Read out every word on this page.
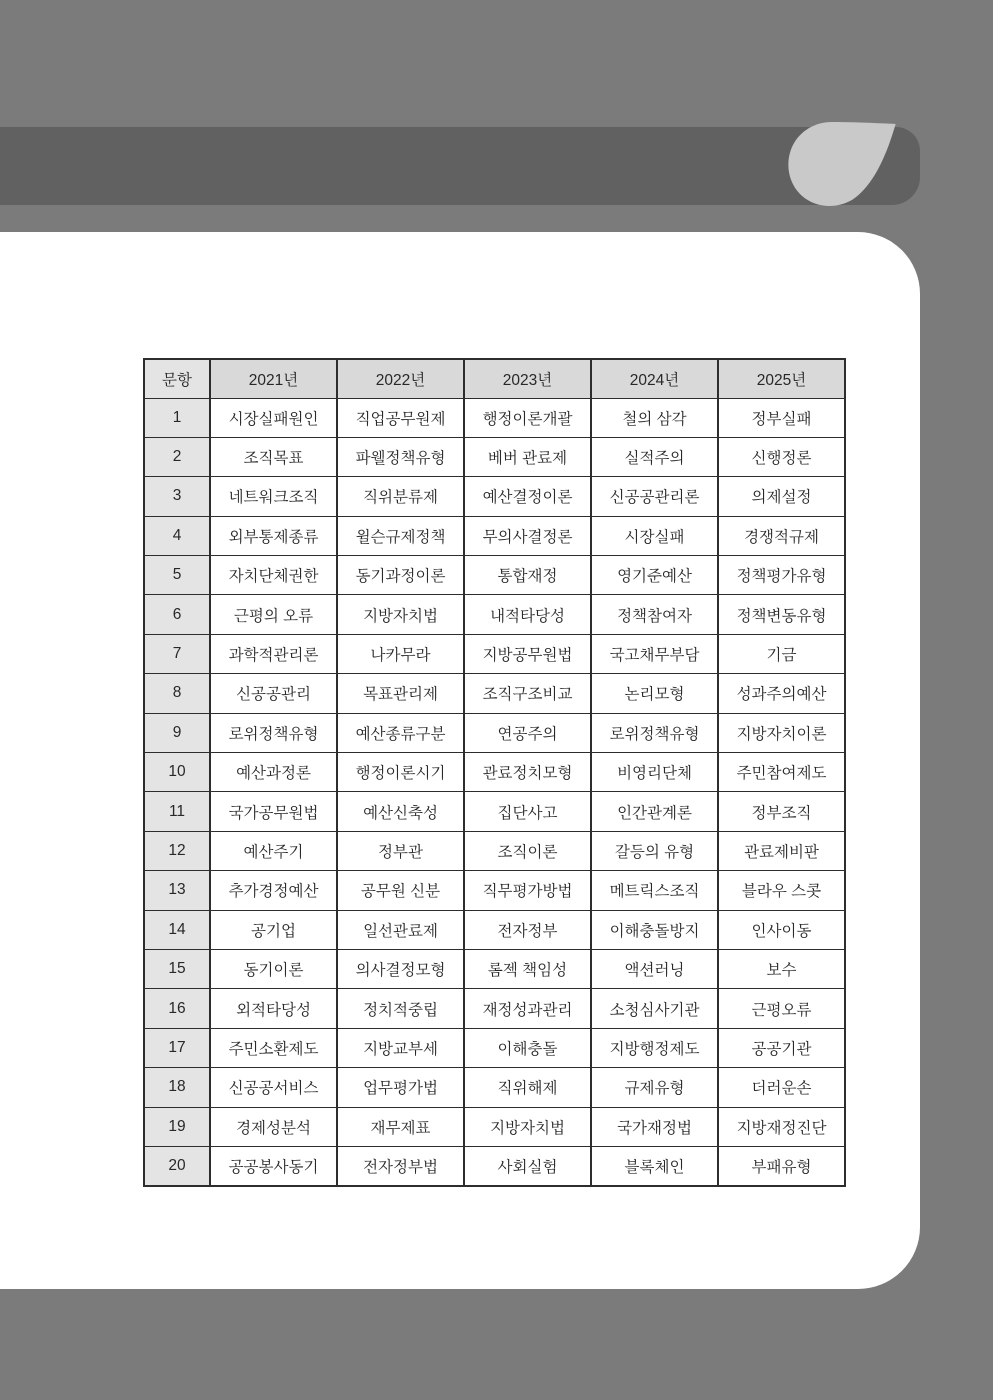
문항	2021년	2022년	2023년	2024년	2025년
1	시장실패원인	직업공무원제	행정이론개괄	철의 삼각	정부실패
2	조직목표	파웰정책유형	베버 관료제	실적주의	신행정론
3	네트워크조직	직위분류제	예산결정이론	신공공관리론	의제설정
4	외부통제종류	윌슨규제정책	무의사결정론	시장실패	경쟁적규제
5	자치단체권한	동기과정이론	통합재정	영기준예산	정책평가유형
6	근평의 오류	지방자치법	내적타당성	정책참여자	정책변동유형
7	과학적관리론	나카무라	지방공무원법	국고채무부담	기금
8	신공공관리	목표관리제	조직구조비교	논리모형	성과주의예산
9	로위정책유형	예산종류구분	연공주의	로위정책유형	지방자치이론
10	예산과정론	행정이론시기	관료정치모형	비영리단체	주민참여제도
11	국가공무원법	예산신축성	집단사고	인간관계론	정부조직
12	예산주기	정부관	조직이론	갈등의 유형	관료제비판
13	추가경정예산	공무원 신분	직무평가방법	메트릭스조직	블라우 스콧
14	공기업	일선관료제	전자정부	이해충돌방지	인사이동
15	동기이론	의사결정모형	롬젝 책임성	액션러닝	보수
16	외적타당성	정치적중립	재정성과관리	소청심사기관	근평오류
17	주민소환제도	지방교부세	이해충돌	지방행정제도	공공기관
18	신공공서비스	업무평가법	직위해제	규제유형	더러운손
19	경제성분석	재무제표	지방자치법	국가재정법	지방재정진단
20	공공봉사동기	전자정부법	사회실험	블록체인	부패유형
